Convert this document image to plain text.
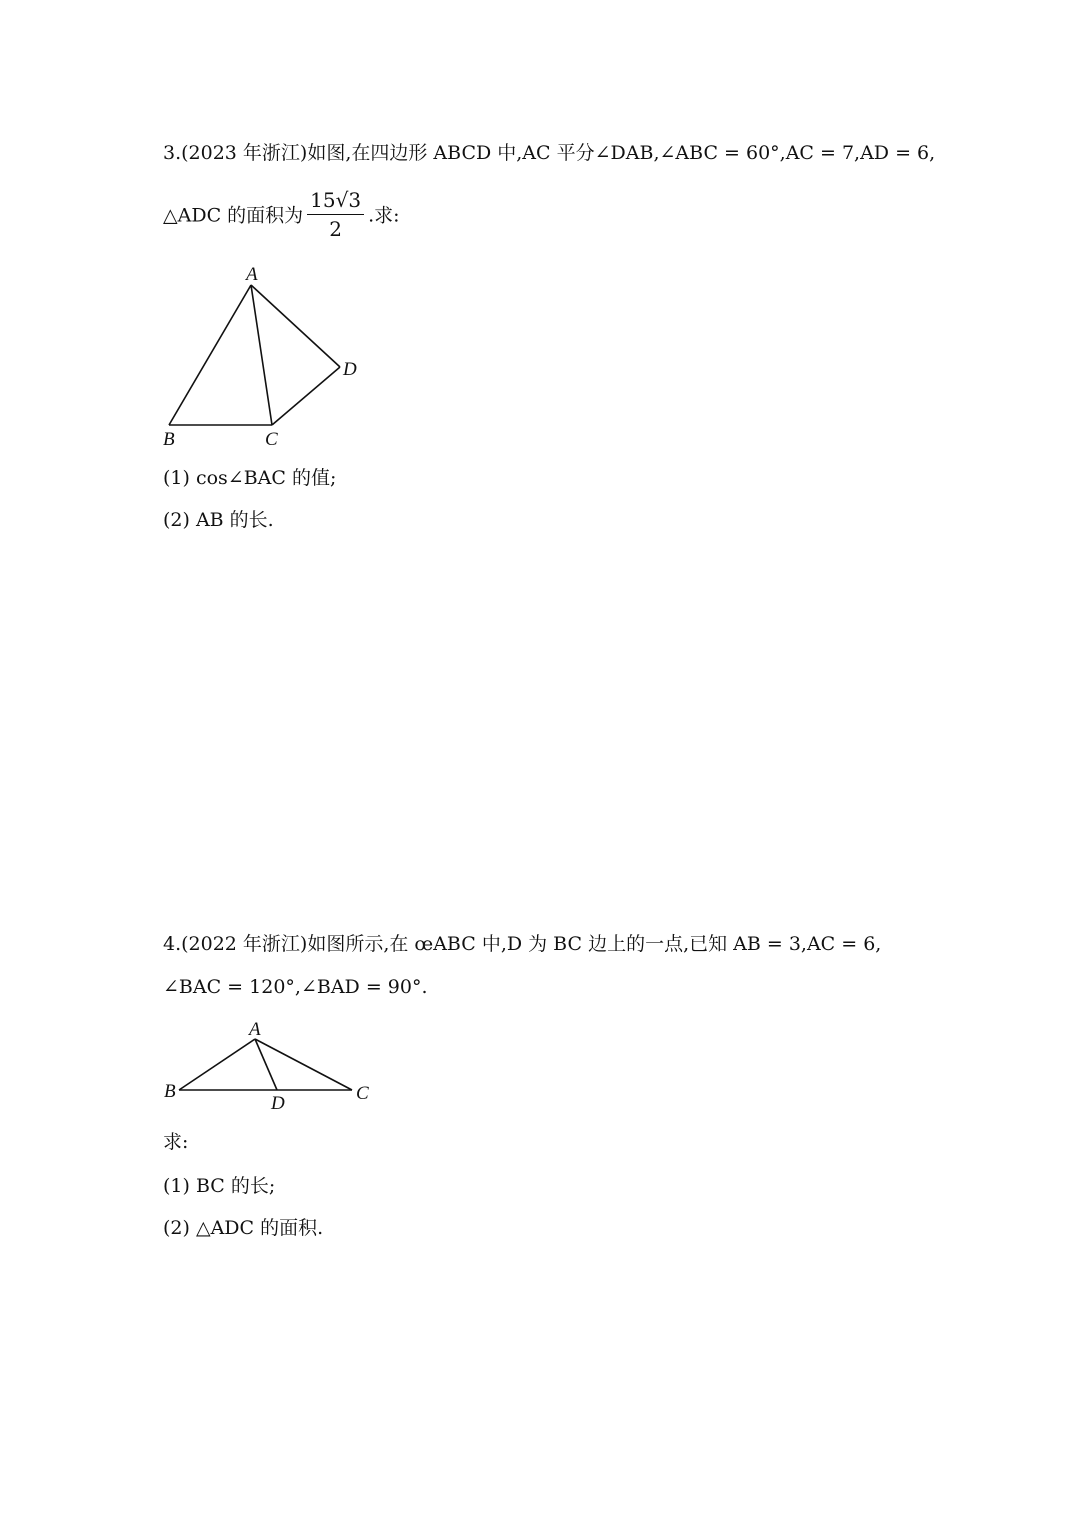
3.(2023 年浙江)如图,在四边形 ABCD 中,AC 平分∠DAB,∠ABC = 60°,AC = 7,AD = 6,
△ADC 的面积为 $\frac{15√3}{2}$ .求:
A
B	C
D
(1) cos∠BAC 的值;
(2) AB 的长.
4.(2022 年浙江)如图所示,在 œABC 中,D 为 BC 边上的一点,已知 AB = 3,AC = 6,
∠BAC = 120°,∠BAD = 90°.
A
B	C
D
求:
(1) BC 的长;
(2) △ADC 的面积.
